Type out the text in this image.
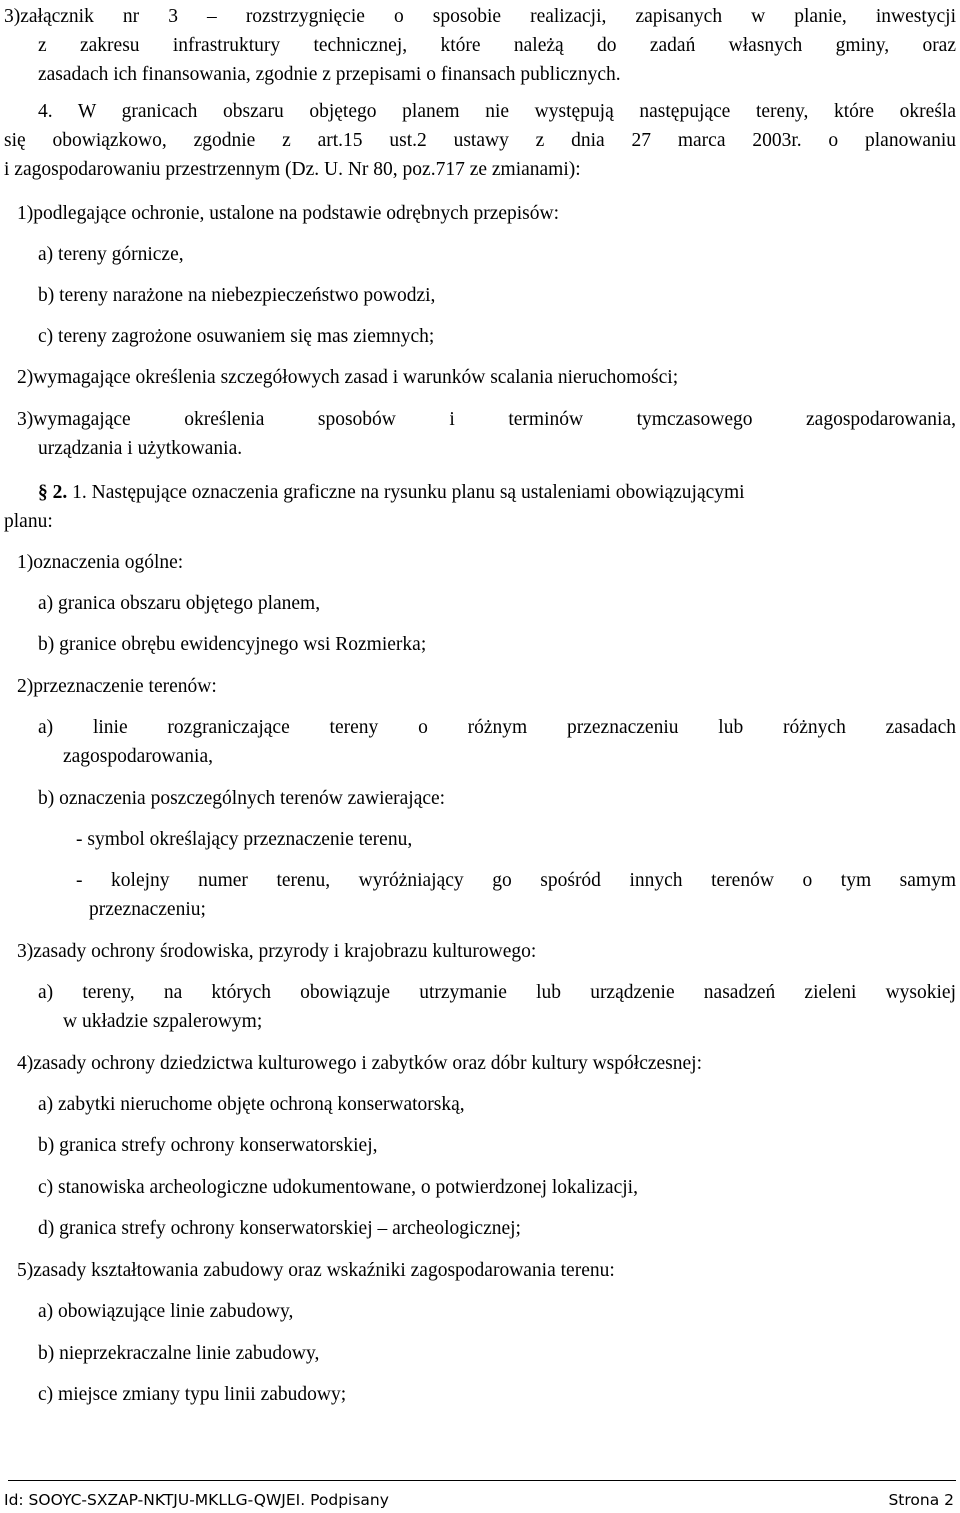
3)załącznik nr 3 – rozstrzygnięcie o sposobie realizacji, zapisanych w planie, inwestycji

z zakresu infrastruktury technicznej, które należą do zadań własnych gminy, oraz

zasadach ich finansowania, zgodnie z przepisami o finansach publicznych.

4. W granicach obszaru objętego planem nie występują następujące tereny, które określa

się obowiązkowo, zgodnie z art.15 ust.2 ustawy z dnia 27 marca 2003r. o planowaniu

i zagospodarowaniu przestrzennym (Dz. U. Nr 80, poz.717 ze zmianami):

1)podlegające ochronie, ustalone na podstawie odrębnych przepisów:

a) tereny górnicze,

b) tereny narażone na niebezpieczeństwo powodzi,

c) tereny zagrożone osuwaniem się mas ziemnych;

2)wymagające określenia szczegółowych zasad i warunków scalania nieruchomości;

3)wymagające określenia sposobów i terminów tymczasowego zagospodarowania,

urządzania i użytkowania.

§ 2. 1. Następujące oznaczenia graficzne na rysunku planu są ustaleniami obowiązującymi

planu:

1)oznaczenia ogólne:

a) granica obszaru objętego planem,

b) granice obrębu ewidencyjnego wsi Rozmierka;

2)przeznaczenie terenów:

a) linie rozgraniczające tereny o różnym przeznaczeniu lub różnych zasadach

zagospodarowania,

b) oznaczenia poszczególnych terenów zawierające:

- symbol określający przeznaczenie terenu,

- kolejny numer terenu, wyróżniający go spośród innych terenów o tym samym

przeznaczeniu;

3)zasady ochrony środowiska, przyrody i krajobrazu kulturowego:

a) tereny, na których obowiązuje utrzymanie lub urządzenie nasadzeń zieleni wysokiej

w układzie szpalerowym;

4)zasady ochrony dziedzictwa kulturowego i zabytków oraz dóbr kultury współczesnej:

a) zabytki nieruchome objęte ochroną konserwatorską,

b) granica strefy ochrony konserwatorskiej,

c) stanowiska archeologiczne udokumentowane, o potwierdzonej lokalizacji,

d) granica strefy ochrony konserwatorskiej – archeologicznej;

5)zasady kształtowania zabudowy oraz wskaźniki zagospodarowania terenu:

a) obowiązujące linie zabudowy,

b) nieprzekraczalne linie zabudowy,

c) miejsce zmiany typu linii zabudowy;

Id: SOOYC-SXZAP-NKTJU-MKLLG-QWJEI. Podpisany	Strona 2
